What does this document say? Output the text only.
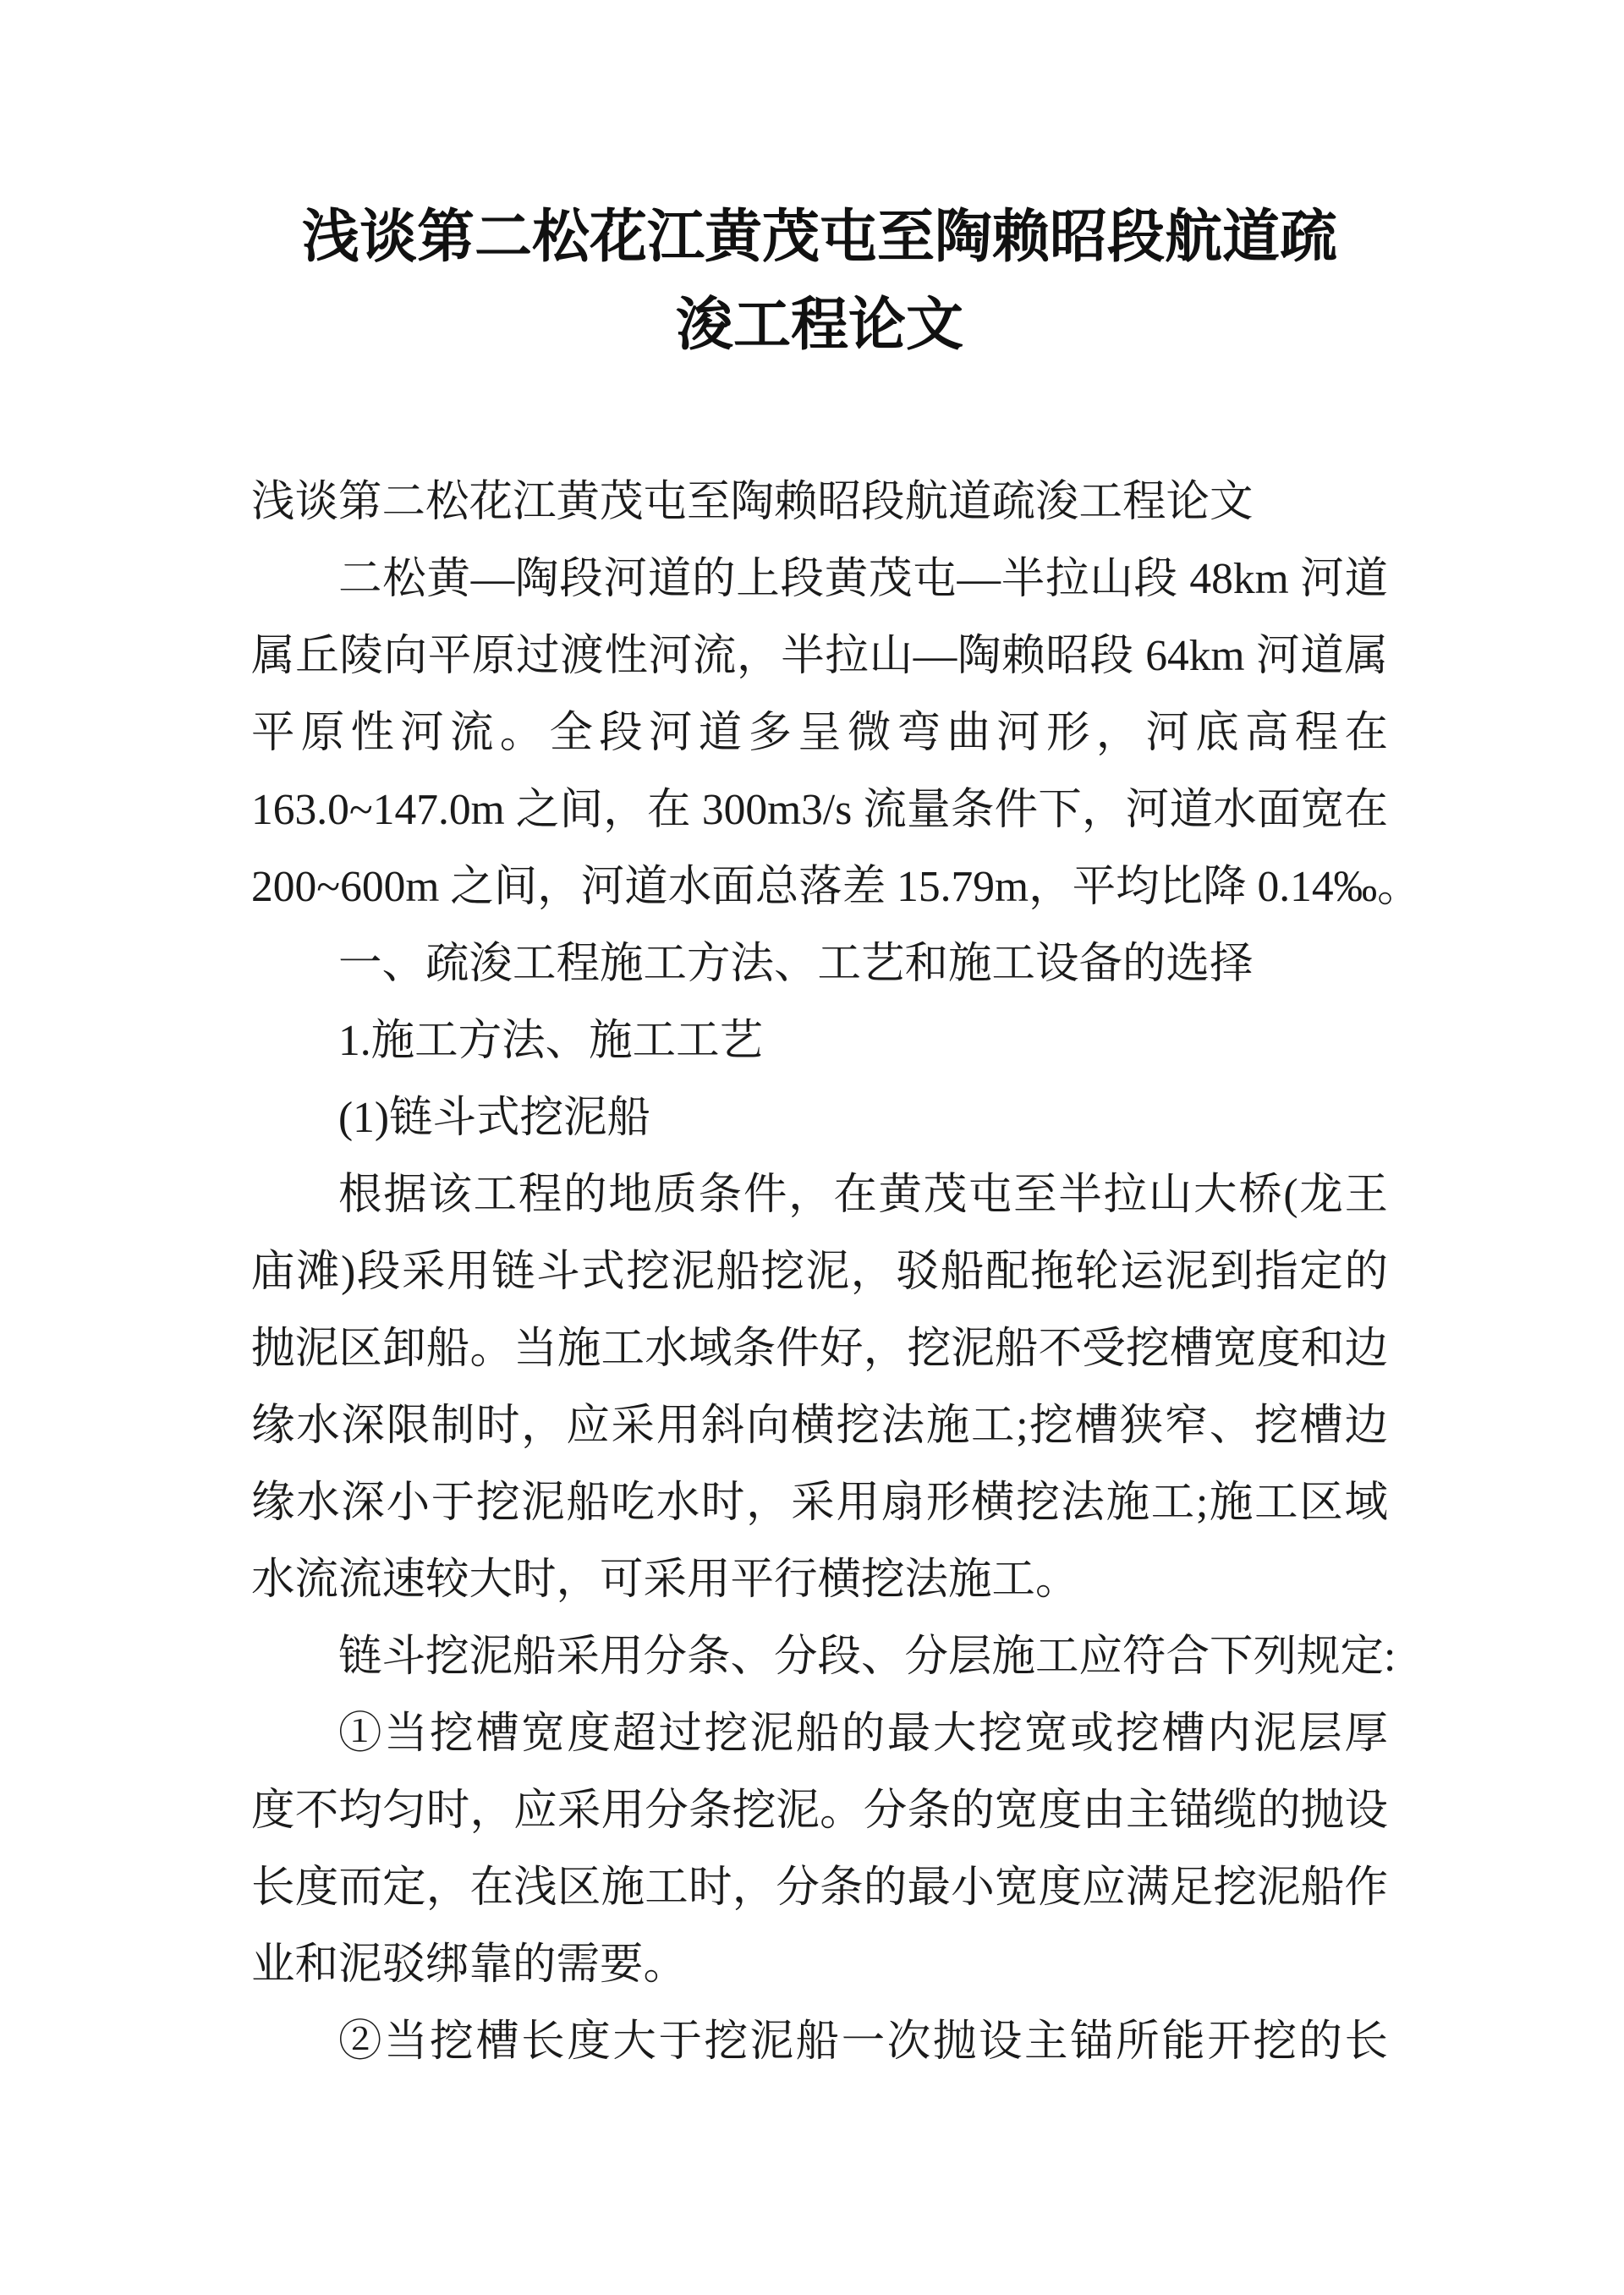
浅谈第二松花江黄茂屯至陶赖昭段航道疏
浚工程论文
浅谈第二松花江黄茂屯至陶赖昭段航道疏浚工程论文
二松黄—陶段河道的上段黄茂屯—半拉山段 48km 河道
属丘陵向平原过渡性河流，半拉山—陶赖昭段 64km 河道属
平原性河流。全段河道多呈微弯曲河形，河底高程在
163.0~147.0m 之间，在 300m3/s 流量条件下，河道水面宽在
200~600m 之间，河道水面总落差 15.79m，平均比降 0.14‰。
一、疏浚工程施工方法、工艺和施工设备的选择
1.施工方法、施工工艺
(1)链斗式挖泥船
根据该工程的地质条件，在黄茂屯至半拉山大桥(龙王
庙滩)段采用链斗式挖泥船挖泥，驳船配拖轮运泥到指定的
抛泥区卸船。当施工水域条件好，挖泥船不受挖槽宽度和边
缘水深限制时，应采用斜向横挖法施工;挖槽狭窄、挖槽边
缘水深小于挖泥船吃水时，采用扇形横挖法施工;施工区域
水流流速较大时，可采用平行横挖法施工。
链斗挖泥船采用分条、分段、分层施工应符合下列规定:
①当挖槽宽度超过挖泥船的最大挖宽或挖槽内泥层厚
度不均匀时，应采用分条挖泥。分条的宽度由主锚缆的抛设
长度而定，在浅区施工时，分条的最小宽度应满足挖泥船作
业和泥驳绑靠的需要。
②当挖槽长度大于挖泥船一次抛设主锚所能开挖的长
